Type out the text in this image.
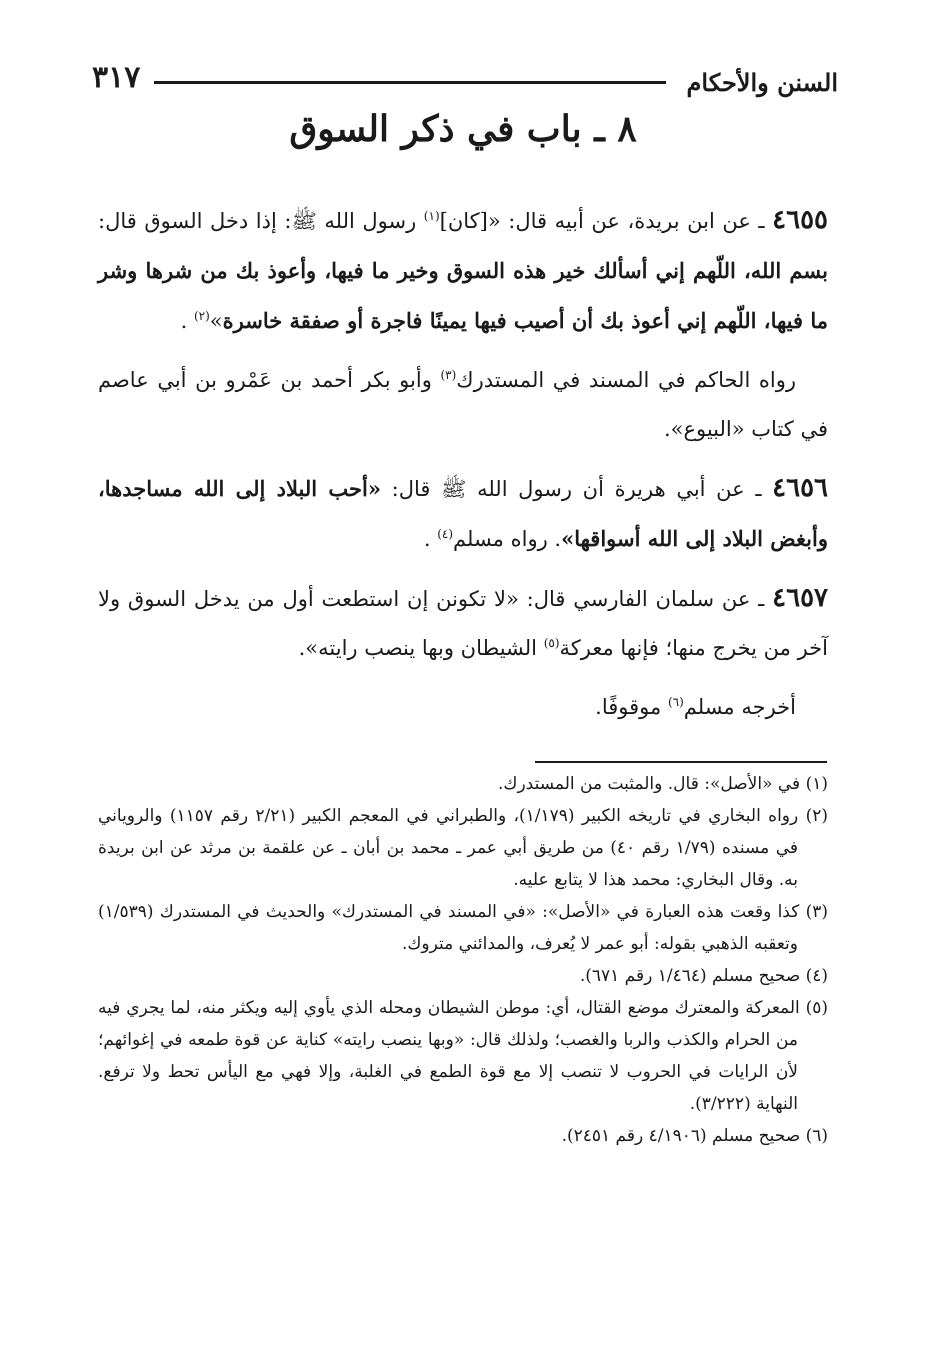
السنن والأحكام
٣١٧
٨ ـ باب في ذكر السوق

٤٦٥٥ ـ عن ابن بريدة، عن أبيه قال: «[كان]$^{(١)}$ رسول الله ﷺ: إذا دخل السوق قال: بسم الله، اللّهم إني أسألك خير هذه السوق وخير ما فيها، وأعوذ بك من شرها وشر ما فيها، اللّهم إني أعوذ بك أن أصيب فيها يمينًا فاجرة أو صفقة خاسرة»$^{(٢)}$ .

رواه الحاكم في المسند في المستدرك$^{(٣)}$ وأبو بكر أحمد بن عَمْرو بن أبي عاصم في كتاب «البيوع».

٤٦٥٦ ـ عن أبي هريرة أن رسول الله ﷺ قال: «أحب البلاد إلى الله مساجدها، وأبغض البلاد إلى الله أسواقها». رواه مسلم$^{(٤)}$ .

٤٦٥٧ ـ عن سلمان الفارسي قال: «لا تكونن إن استطعت أول من يدخل السوق ولا آخر من يخرج منها؛ فإنها معركة$^{(٥)}$ الشيطان وبها ينصب رايته».

أخرجه مسلم$^{(٦)}$ موقوفًا.

(١) في «الأصل»: قال. والمثبت من المستدرك.

(٢) رواه البخاري في تاريخه الكبير (١/١٧٩)، والطبراني في المعجم الكبير (٢/٢١ رقم ١١٥٧) والروياني في مسنده (١/٧٩ رقم ٤٠) من طريق أبي عمر ـ محمد بن أبان ـ عن علقمة بن مرثد عن ابن بريدة به. وقال البخاري: محمد هذا لا يتابع عليه.

(٣) كذا وقعت هذه العبارة في «الأصل»: «في المسند في المستدرك» والحديث في المستدرك (١/٥٣٩) وتعقبه الذهبي بقوله: أبو عمر لا يُعرف، والمدائني متروك.

(٤) صحيح مسلم (١/٤٦٤ رقم ٦٧١).

(٥) المعركة والمعترك موضع القتال، أي: موطن الشيطان ومحله الذي يأوي إليه ويكثر منه، لما يجري فيه من الحرام والكذب والربا والغصب؛ ولذلك قال: «وبها ينصب رايته» كناية عن قوة طمعه في إغوائهم؛ لأن الرايات في الحروب لا تنصب إلا مع قوة الطمع في الغلبة، وإلا فهي مع اليأس تحط ولا ترفع. النهاية (٣/٢٢٢).

(٦) صحيح مسلم (٤/١٩٠٦ رقم ٢٤٥١).
